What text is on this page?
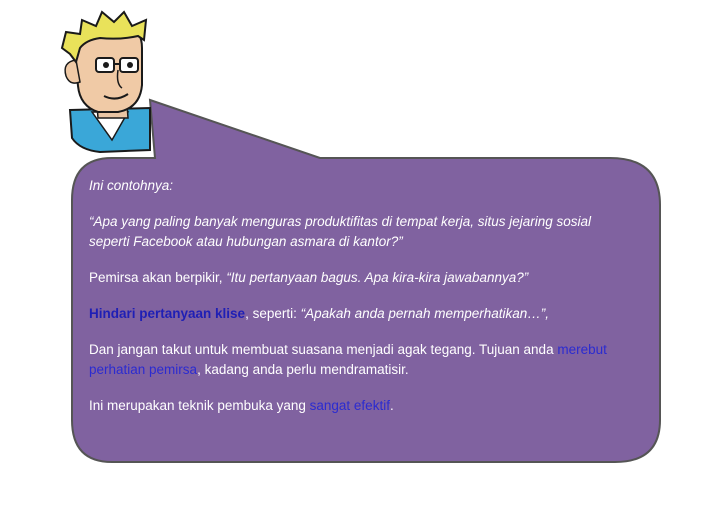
Ini contohnya:

“Apa yang paling banyak menguras produktifitas di tempat kerja, situs jejaring sosial
seperti Facebook atau hubungan asmara di kantor?”

Pemirsa akan berpikir, “Itu pertanyaan bagus. Apa kira-kira jawabannya?”

Hindari pertanyaan klise, seperti: “Apakah anda pernah memperhatikan…”,

Dan jangan takut untuk membuat suasana menjadi agak tegang. Tujuan anda merebut
perhatian pemirsa, kadang anda perlu mendramatisir.

Ini merupakan teknik pembuka yang sangat efektif.
